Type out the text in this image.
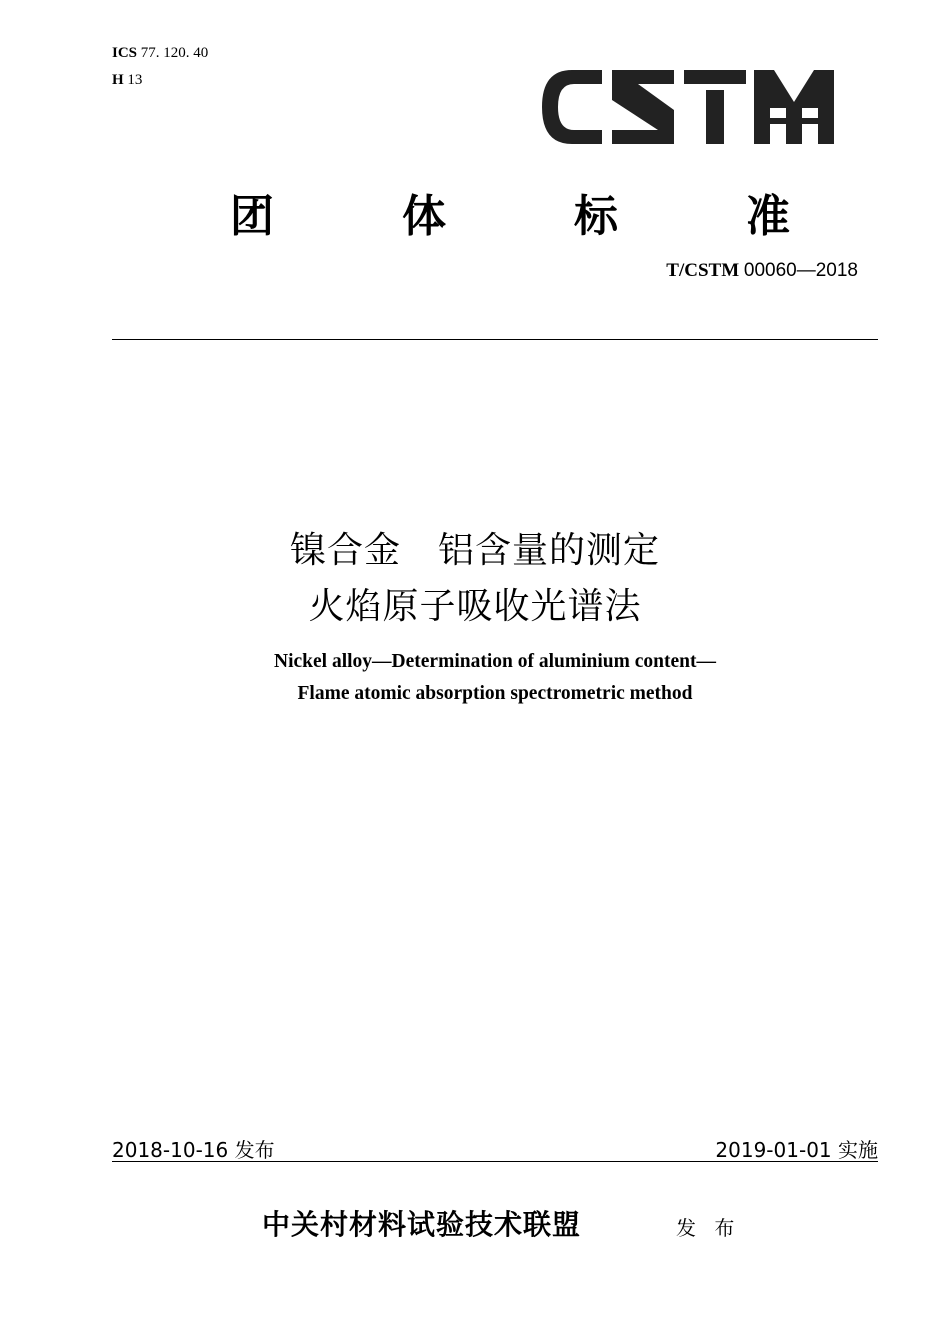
ICS 77. 120. 40
H 13
团	体	标	准
T/CSTM 00060—2018
镍合金　铝含量的测定
火焰原子吸收光谱法
Nickel alloy—Determination of aluminium content—
Flame atomic absorption spectrometric method
2018-10-16 发布	2019-01-01 实施
中关村材料试验技术联盟	发 布
